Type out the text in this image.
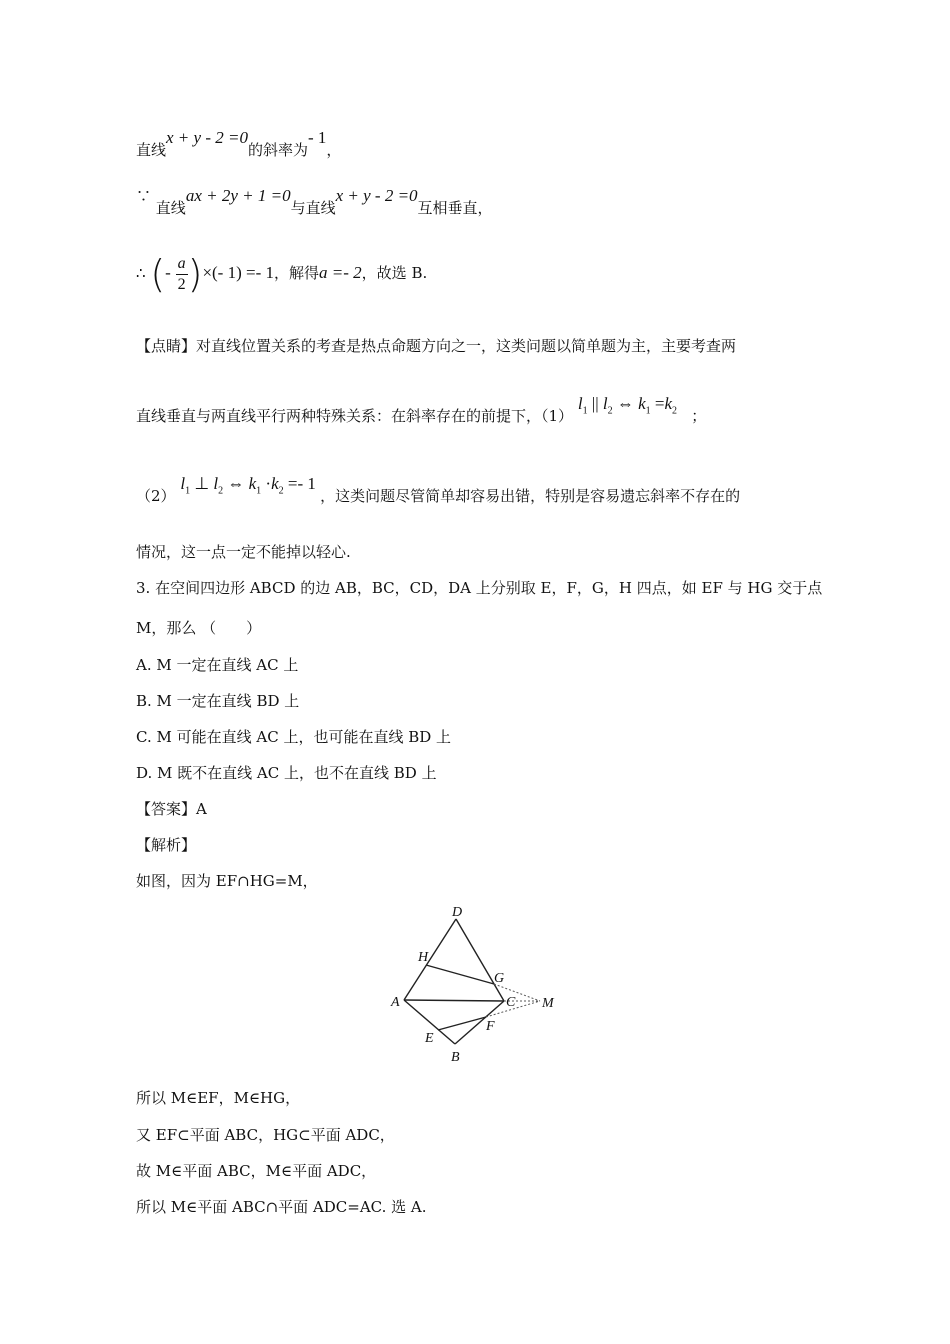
直线x + y - 2 =0的斜率为- 1，
∵ 直线ax + 2y + 1 =0与直线x + y - 2 =0互相垂直，
∴ (- $\frac{a}{2}$ )×(- 1) =- 1，解得a =- 2，故选 B.
【点睛】对直线位置关系的考查是热点命题方向之一，这类问题以简单题为主，主要考查两
直线垂直与两直线平行两种特殊关系：在斜率存在的前提下，（1） $l_1$ || $l_2$ ⇔ $k_1 =k_2$ ；
（2） $l_1$ ⊥ $l_2$ ⇔ $k_1 \cdot k_2 =- 1$ ，这类问题尽管简单却容易出错，特别是容易遗忘斜率不存在的
情况，这一点一定不能掉以轻心.
3. 在空间四边形 ABCD 的边 AB，BC，CD，DA 上分别取 E，F，G，H 四点，如 EF 与 HG 交于点
M，那么 （　　）
A. M 一定在直线 AC 上
B. M 一定在直线 BD 上
C. M 可能在直线 AC 上，也可能在直线 BD 上
D. M 既不在直线 AC 上，也不在直线 BD 上
【答案】A
【解析】
如图，因为 EF∩HG=M，
D
H
G
A	C M
E
F
B
所以 M∈EF，M∈HG，
又 EF⊂平面 ABC，HG⊂平面 ADC，
故 M∈平面 ABC，M∈平面 ADC，
所以 M∈平面 ABC∩平面 ADC=AC. 选 A.
